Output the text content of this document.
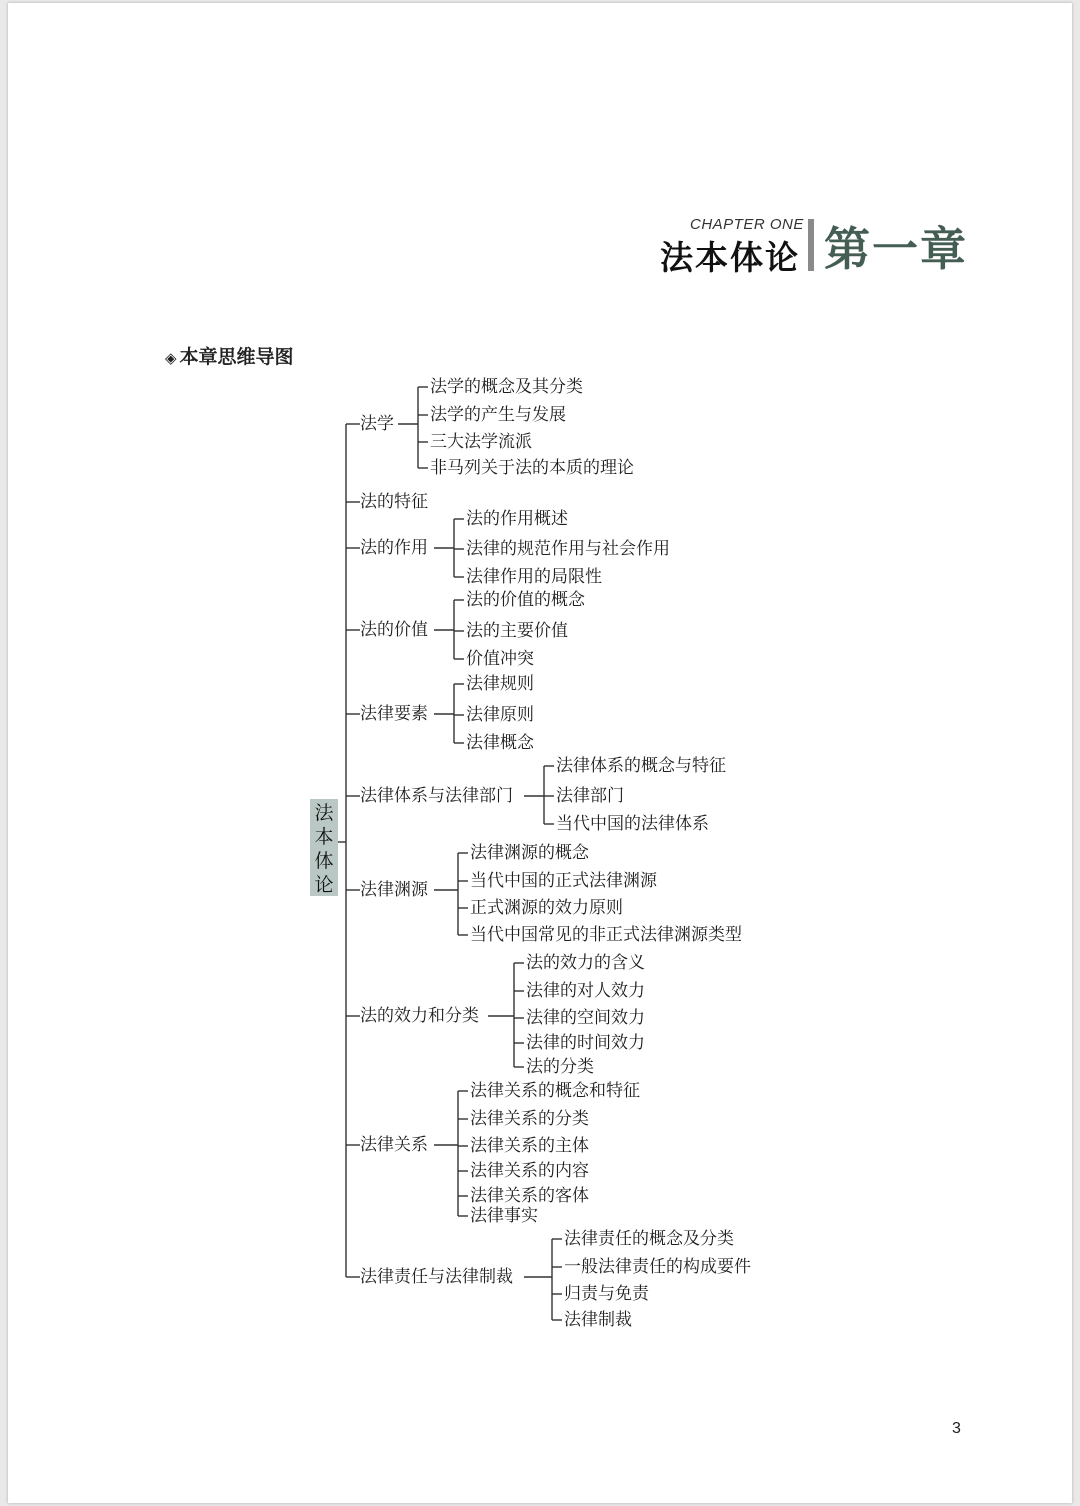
CHAPTER ONE
法本体论 第一章
◈ 本章思维导图
法
本
体
论
法学
法学的概念及其分类
法学的产生与发展
三大法学流派
非马列关于法的本质的理论
法的特征
法的作用
法的作用概述
法律的规范作用与社会作用
法律作用的局限性
法的价值
法的价值的概念
法的主要价值
价值冲突
法律要素
法律规则
法律原则
法律概念
法律体系与法律部门
法律体系的概念与特征
法律部门
当代中国的法律体系
法律渊源
法律渊源的概念
当代中国的正式法律渊源
正式渊源的效力原则
当代中国常见的非正式法律渊源类型
法的效力和分类
法的效力的含义
法律的对人效力
法律的空间效力
法律的时间效力
法的分类
法律关系
法律关系的概念和特征
法律关系的分类
法律关系的主体
法律关系的内容
法律关系的客体
法律事实
法律责任与法律制裁
法律责任的概念及分类
一般法律责任的构成要件
归责与免责
法律制裁
3
